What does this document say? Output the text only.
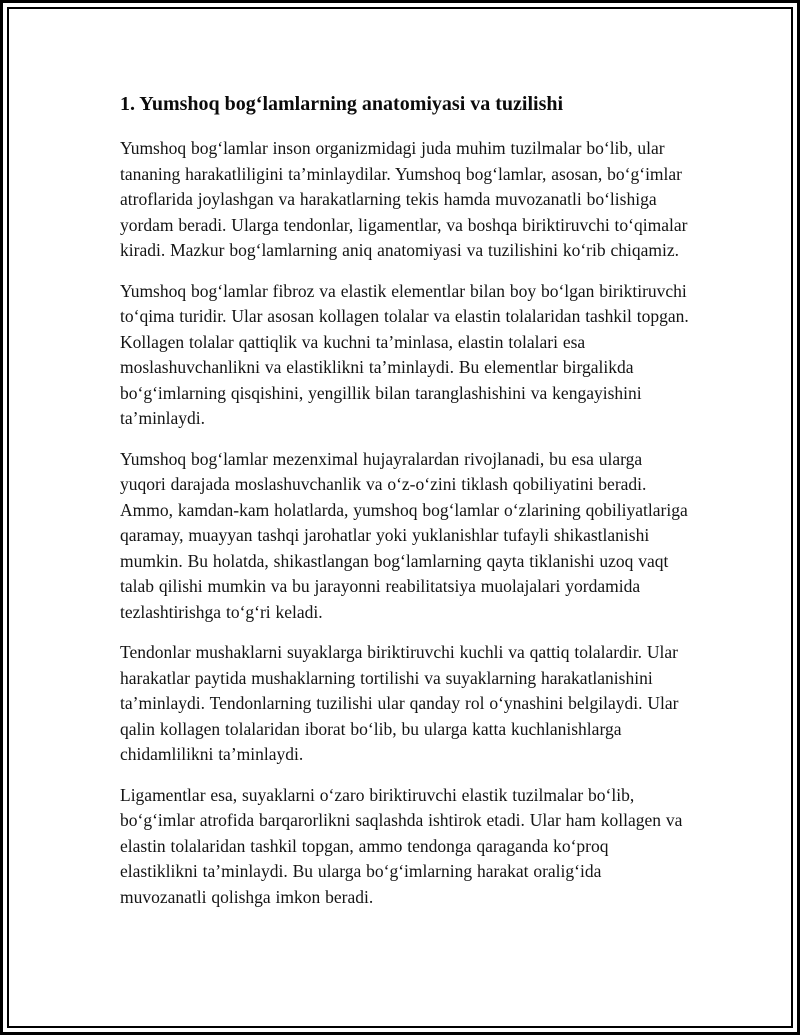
1. Yumshoq bogʻlamlarning anatomiyasi va tuzilishi

Yumshoq bogʻlamlar inson organizmidagi juda muhim tuzilmalar boʻlib, ular tananing harakatliligini taʼminlaydilar. Yumshoq bogʻlamlar, asosan, boʻgʻimlar atroflarida joylashgan va harakatlarning tekis hamda muvozanatli boʻlishiga yordam beradi. Ularga tendonlar, ligamentlar, va boshqa biriktiruvchi toʻqimalar kiradi. Mazkur bogʻlamlarning aniq anatomiyasi va tuzilishini koʻrib chiqamiz.

Yumshoq bogʻlamlar fibroz va elastik elementlar bilan boy boʻlgan biriktiruvchi toʻqima turidir. Ular asosan kollagen tolalar va elastin tolalaridan tashkil topgan. Kollagen tolalar qattiqlik va kuchni taʼminlasa, elastin tolalari esa moslashuvchanlikni va elastiklikni taʼminlaydi. Bu elementlar birgalikda boʻgʻimlarning qisqishini, yengillik bilan taranglashishini va kengayishini taʼminlaydi.

Yumshoq bogʻlamlar mezenximal hujayralardan rivojlanadi, bu esa ularga yuqori darajada moslashuvchanlik va oʻz-oʻzini tiklash qobiliyatini beradi. Ammo, kamdan-kam holatlarda, yumshoq bogʻlamlar oʻzlarining qobiliyatlariga qaramay, muayyan tashqi jarohatlar yoki yuklanishlar tufayli shikastlanishi mumkin. Bu holatda, shikastlangan bogʻlamlarning qayta tiklanishi uzoq vaqt talab qilishi mumkin va bu jarayonni reabilitatsiya muolajalari yordamida tezlashtirishga toʻgʻri keladi.

Tendonlar mushaklarni suyaklarga biriktiruvchi kuchli va qattiq tolalardir. Ular harakatlar paytida mushaklarning tortilishi va suyaklarning harakatlanishini taʼminlaydi. Tendonlarning tuzilishi ular qanday rol oʻynashini belgilaydi. Ular qalin kollagen tolalaridan iborat boʻlib, bu ularga katta kuchlanishlarga chidamlilikni taʼminlaydi.

Ligamentlar esa, suyaklarni oʻzaro biriktiruvchi elastik tuzilmalar boʻlib, boʻgʻimlar atrofida barqarorlikni saqlashda ishtirok etadi. Ular ham kollagen va elastin tolalaridan tashkil topgan, ammo tendonga qaraganda koʻproq elastiklikni taʼminlaydi. Bu ularga boʻgʻimlarning harakat oraligʻida muvozanatli qolishga imkon beradi.
